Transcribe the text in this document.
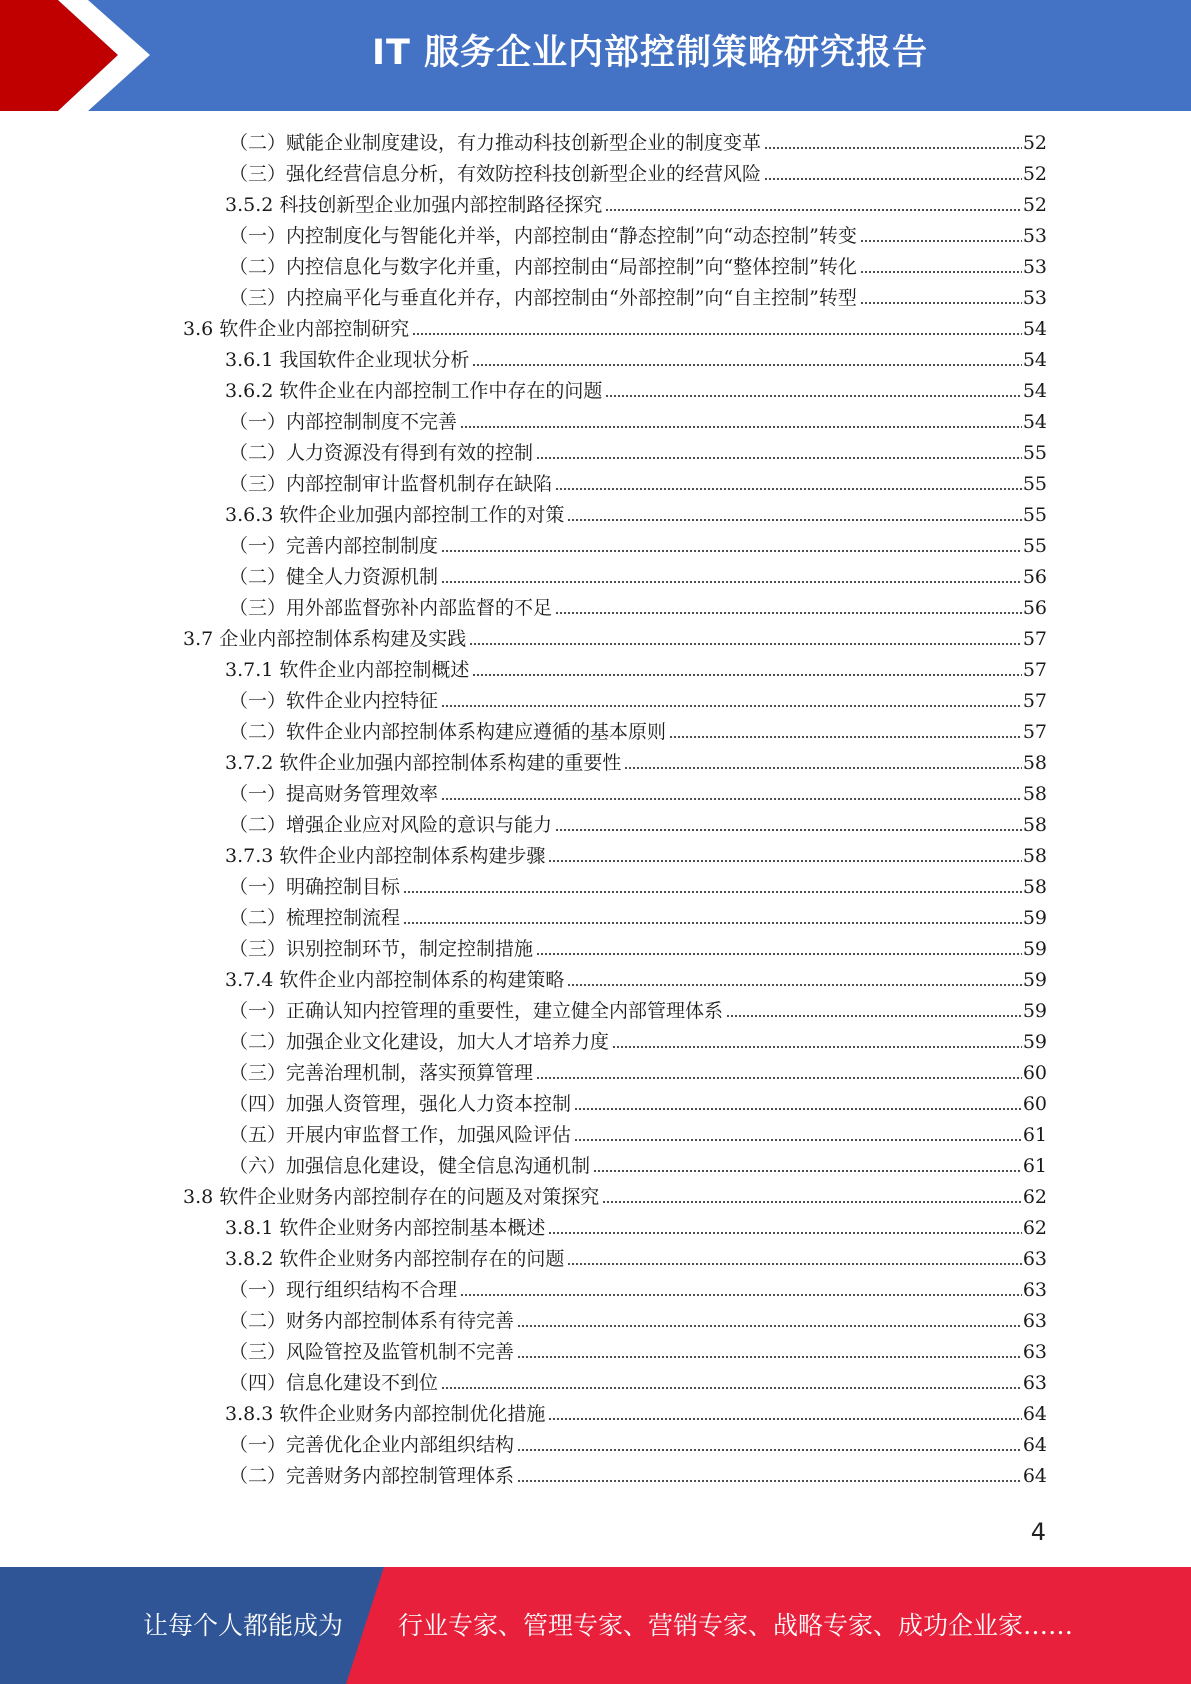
IT 服务企业内部控制策略研究报告
（二）赋能企业制度建设，有力推动科技创新型企业的制度变革	52
（三）强化经营信息分析，有效防控科技创新型企业的经营风险	52
3.5.2 科技创新型企业加强内部控制路径探究	52
（一）内控制度化与智能化并举，内部控制由“静态控制”向“动态控制”转变	53
（二）内控信息化与数字化并重，内部控制由“局部控制”向“整体控制”转化	53
（三）内控扁平化与垂直化并存，内部控制由“外部控制”向“自主控制”转型	53
3.6 软件企业内部控制研究	54
3.6.1 我国软件企业现状分析	54
3.6.2 软件企业在内部控制工作中存在的问题	54
（一）内部控制制度不完善	54
（二）人力资源没有得到有效的控制	55
（三）内部控制审计监督机制存在缺陷	55
3.6.3 软件企业加强内部控制工作的对策	55
（一）完善内部控制制度	55
（二）健全人力资源机制	56
（三）用外部监督弥补内部监督的不足	56
3.7 企业内部控制体系构建及实践	57
3.7.1 软件企业内部控制概述	57
（一）软件企业内控特征	57
（二）软件企业内部控制体系构建应遵循的基本原则	57
3.7.2 软件企业加强内部控制体系构建的重要性	58
（一）提高财务管理效率	58
（二）增强企业应对风险的意识与能力	58
3.7.3 软件企业内部控制体系构建步骤	58
（一）明确控制目标	58
（二）梳理控制流程	59
（三）识别控制环节，制定控制措施	59
3.7.4 软件企业内部控制体系的构建策略	59
（一）正确认知内控管理的重要性，建立健全内部管理体系	59
（二）加强企业文化建设，加大人才培养力度	59
（三）完善治理机制，落实预算管理	60
（四）加强人资管理，强化人力资本控制	60
（五）开展内审监督工作，加强风险评估	61
（六）加强信息化建设，健全信息沟通机制	61
3.8 软件企业财务内部控制存在的问题及对策探究	62
3.8.1 软件企业财务内部控制基本概述	62
3.8.2 软件企业财务内部控制存在的问题	63
（一）现行组织结构不合理	63
（二）财务内部控制体系有待完善	63
（三）风险管控及监管机制不完善	63
（四）信息化建设不到位	63
3.8.3 软件企业财务内部控制优化措施	64
（一）完善优化企业内部组织结构	64
（二）完善财务内部控制管理体系	64
4
让每个人都能成为 行业专家、管理专家、营销专家、战略专家、成功企业家……
